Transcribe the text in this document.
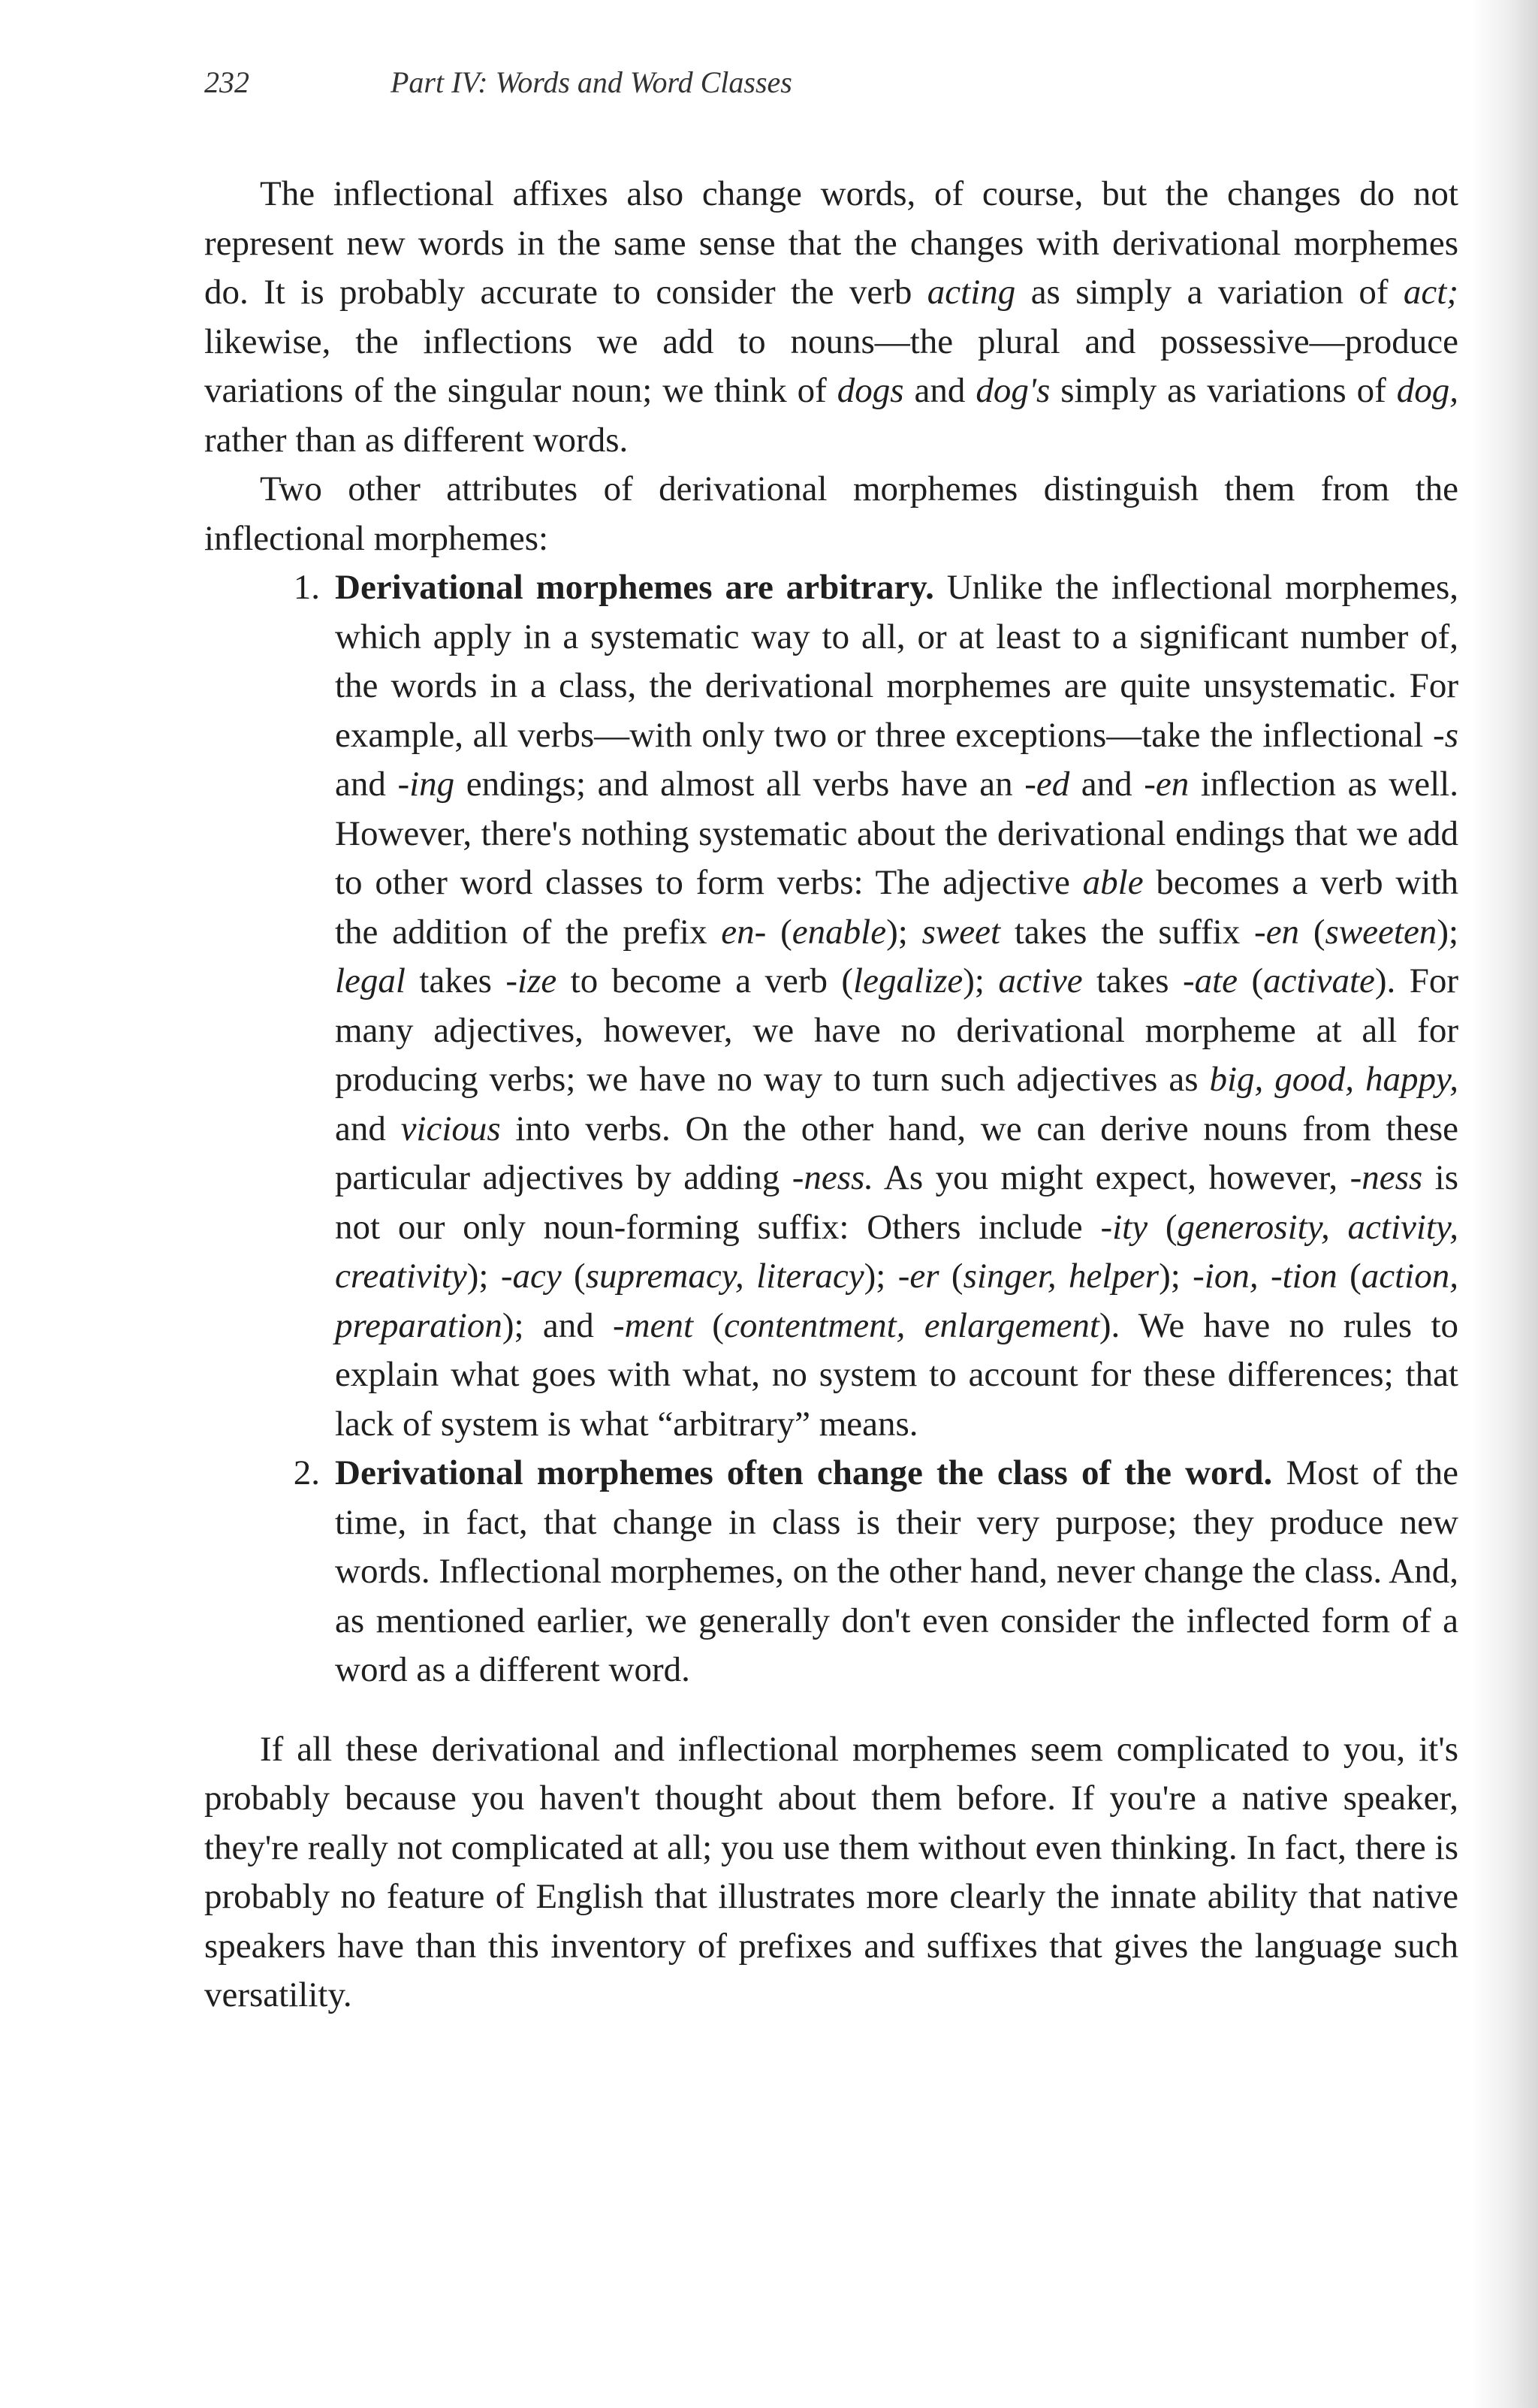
232	Part IV: Words and Word Classes

The inflectional affixes also change words, of course, but the changes do not represent new words in the same sense that the changes with derivational morphemes do. It is probably accurate to consider the verb acting as simply a variation of act; likewise, the inflections we add to nouns—the plural and possessive—produce variations of the singular noun; we think of dogs and dog's simply as variations of dog, rather than as different words.

Two other attributes of derivational morphemes distinguish them from the inflectional morphemes:

1. Derivational morphemes are arbitrary. Unlike the inflectional morphemes, which apply in a systematic way to all, or at least to a significant number of, the words in a class, the derivational morphemes are quite unsystematic. For example, all verbs—with only two or three exceptions—take the inflectional -s and -ing endings; and almost all verbs have an -ed and -en inflection as well. However, there's nothing systematic about the derivational endings that we add to other word classes to form verbs: The adjective able becomes a verb with the addition of the prefix en- (enable); sweet takes the suffix -en (sweeten); legal takes -ize to become a verb (legalize); active takes -ate (activate). For many adjectives, however, we have no derivational morpheme at all for producing verbs; we have no way to turn such adjectives as big, good, happy, and vicious into verbs. On the other hand, we can derive nouns from these particular adjectives by adding -ness. As you might expect, however, -ness is not our only noun-forming suffix: Others include -ity (generosity, activity, creativity); -acy (supremacy, literacy); -er (singer, helper); -ion, -tion (action, preparation); and -ment (contentment, enlargement). We have no rules to explain what goes with what, no system to account for these differences; that lack of system is what “arbitrary” means.
2. Derivational morphemes often change the class of the word. Most of the time, in fact, that change in class is their very purpose; they produce new words. Inflectional morphemes, on the other hand, never change the class. And, as mentioned earlier, we generally don't even consider the inflected form of a word as a different word.

If all these derivational and inflectional morphemes seem complicated to you, it's probably because you haven't thought about them before. If you're a native speaker, they're really not complicated at all; you use them without even thinking. In fact, there is probably no feature of English that illustrates more clearly the innate ability that native speakers have than this inventory of prefixes and suffixes that gives the language such versatility.
